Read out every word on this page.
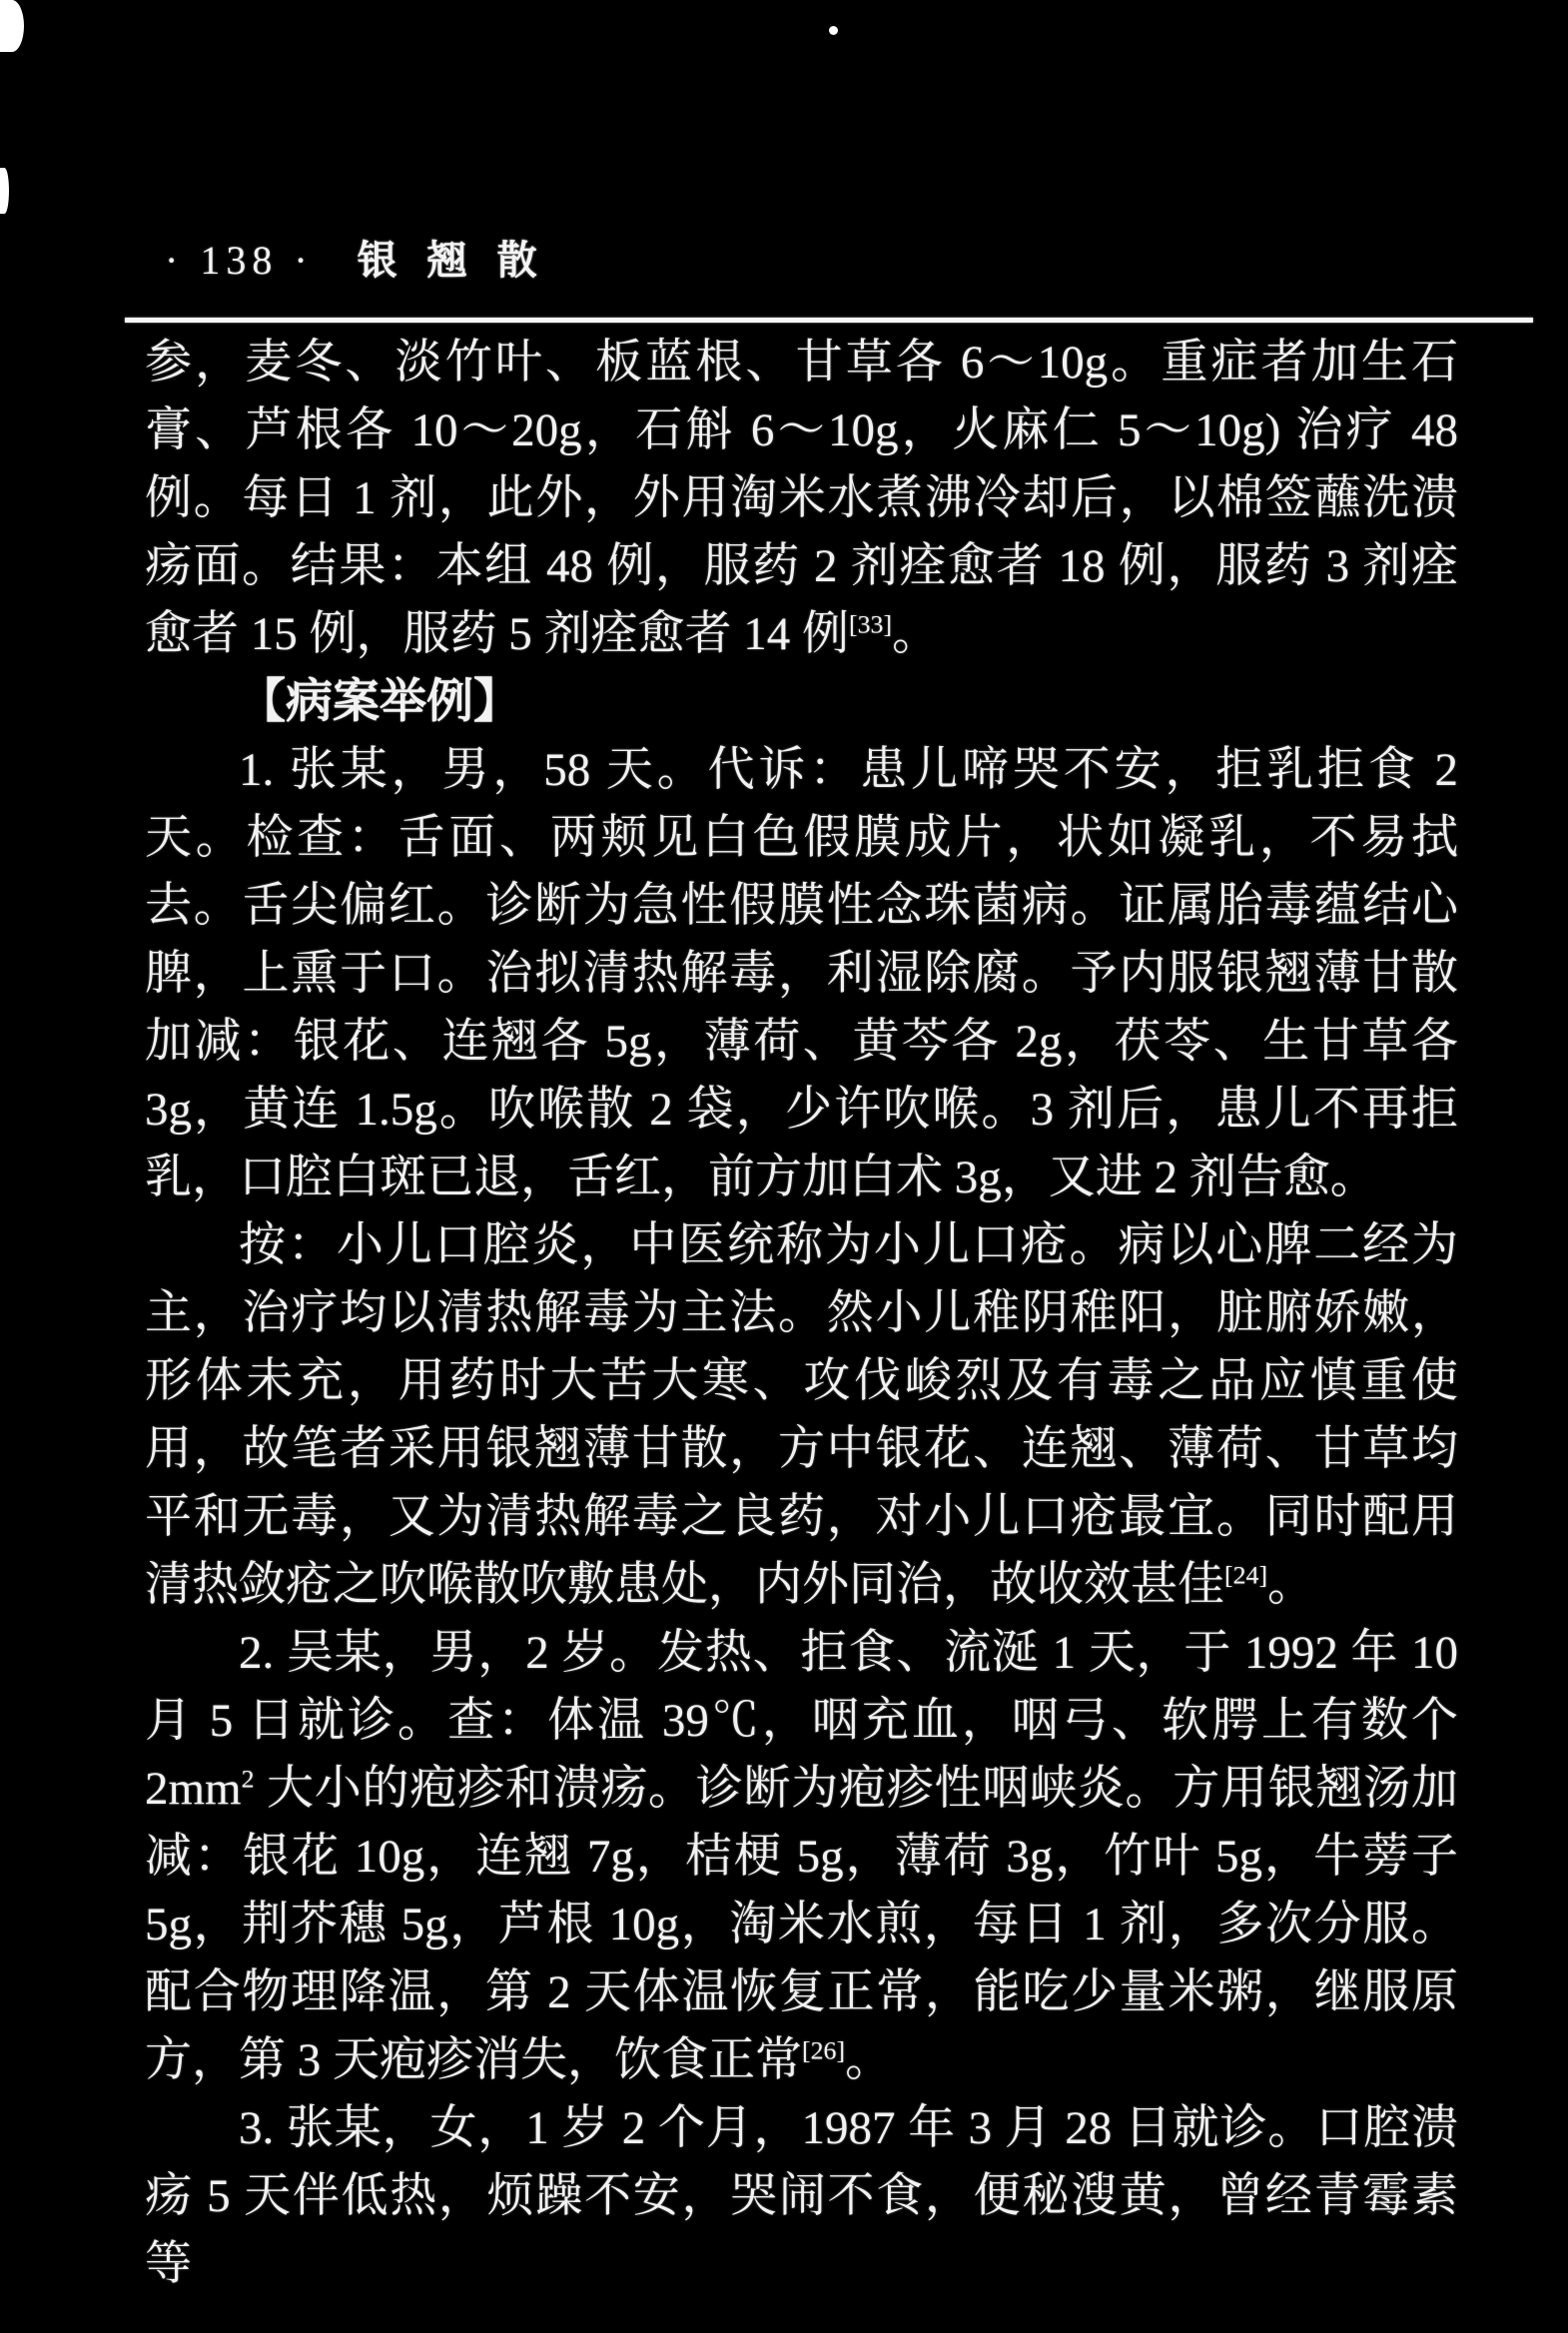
· 138 · 银翘散

参，麦冬、淡竹叶、板蓝根、甘草各 6～10g。重症者加生石膏、芦根各 10～20g，石斛 6～10g，火麻仁 5～10g) 治疗 48 例。每日 1 剂，此外，外用淘米水煮沸冷却后，以棉签蘸洗溃疡面。结果：本组 48 例，服药 2 剂痊愈者 18 例，服药 3 剂痊愈者 15 例，服药 5 剂痊愈者 14 例[33]。

【病案举例】

1. 张某，男，58 天。代诉：患儿啼哭不安，拒乳拒食 2 天。检查：舌面、两颊见白色假膜成片，状如凝乳，不易拭去。舌尖偏红。诊断为急性假膜性念珠菌病。证属胎毒蕴结心脾，上熏于口。治拟清热解毒，利湿除腐。予内服银翘薄甘散加减：银花、连翘各 5g，薄荷、黄芩各 2g，茯苓、生甘草各 3g，黄连 1.5g。吹喉散 2 袋，少许吹喉。3 剂后，患儿不再拒乳，口腔白斑已退，舌红，前方加白术 3g，又进 2 剂告愈。

按：小儿口腔炎，中医统称为小儿口疮。病以心脾二经为主，治疗均以清热解毒为主法。然小儿稚阴稚阳，脏腑娇嫩，形体未充，用药时大苦大寒、攻伐峻烈及有毒之品应慎重使用，故笔者采用银翘薄甘散，方中银花、连翘、薄荷、甘草均平和无毒，又为清热解毒之良药，对小儿口疮最宜。同时配用清热敛疮之吹喉散吹敷患处，内外同治，故收效甚佳[24]。

2. 吴某，男，2 岁。发热、拒食、流涎 1 天，于 1992 年 10 月 5 日就诊。查：体温 39℃，咽充血，咽弓、软腭上有数个 $2mm^2$ 大小的疱疹和溃疡。诊断为疱疹性咽峡炎。方用银翘汤加减：银花 10g，连翘 7g，桔梗 5g，薄荷 3g，竹叶 5g，牛蒡子 5g，荆芥穗 5g，芦根 10g，淘米水煎，每日 1 剂，多次分服。配合物理降温，第 2 天体温恢复正常，能吃少量米粥，继服原方，第 3 天疱疹消失，饮食正常[26]。

3. 张某，女，1 岁 2 个月，1987 年 3 月 28 日就诊。口腔溃疡 5 天伴低热，烦躁不安，哭闹不食，便秘溲黄，曾经青霉素等
